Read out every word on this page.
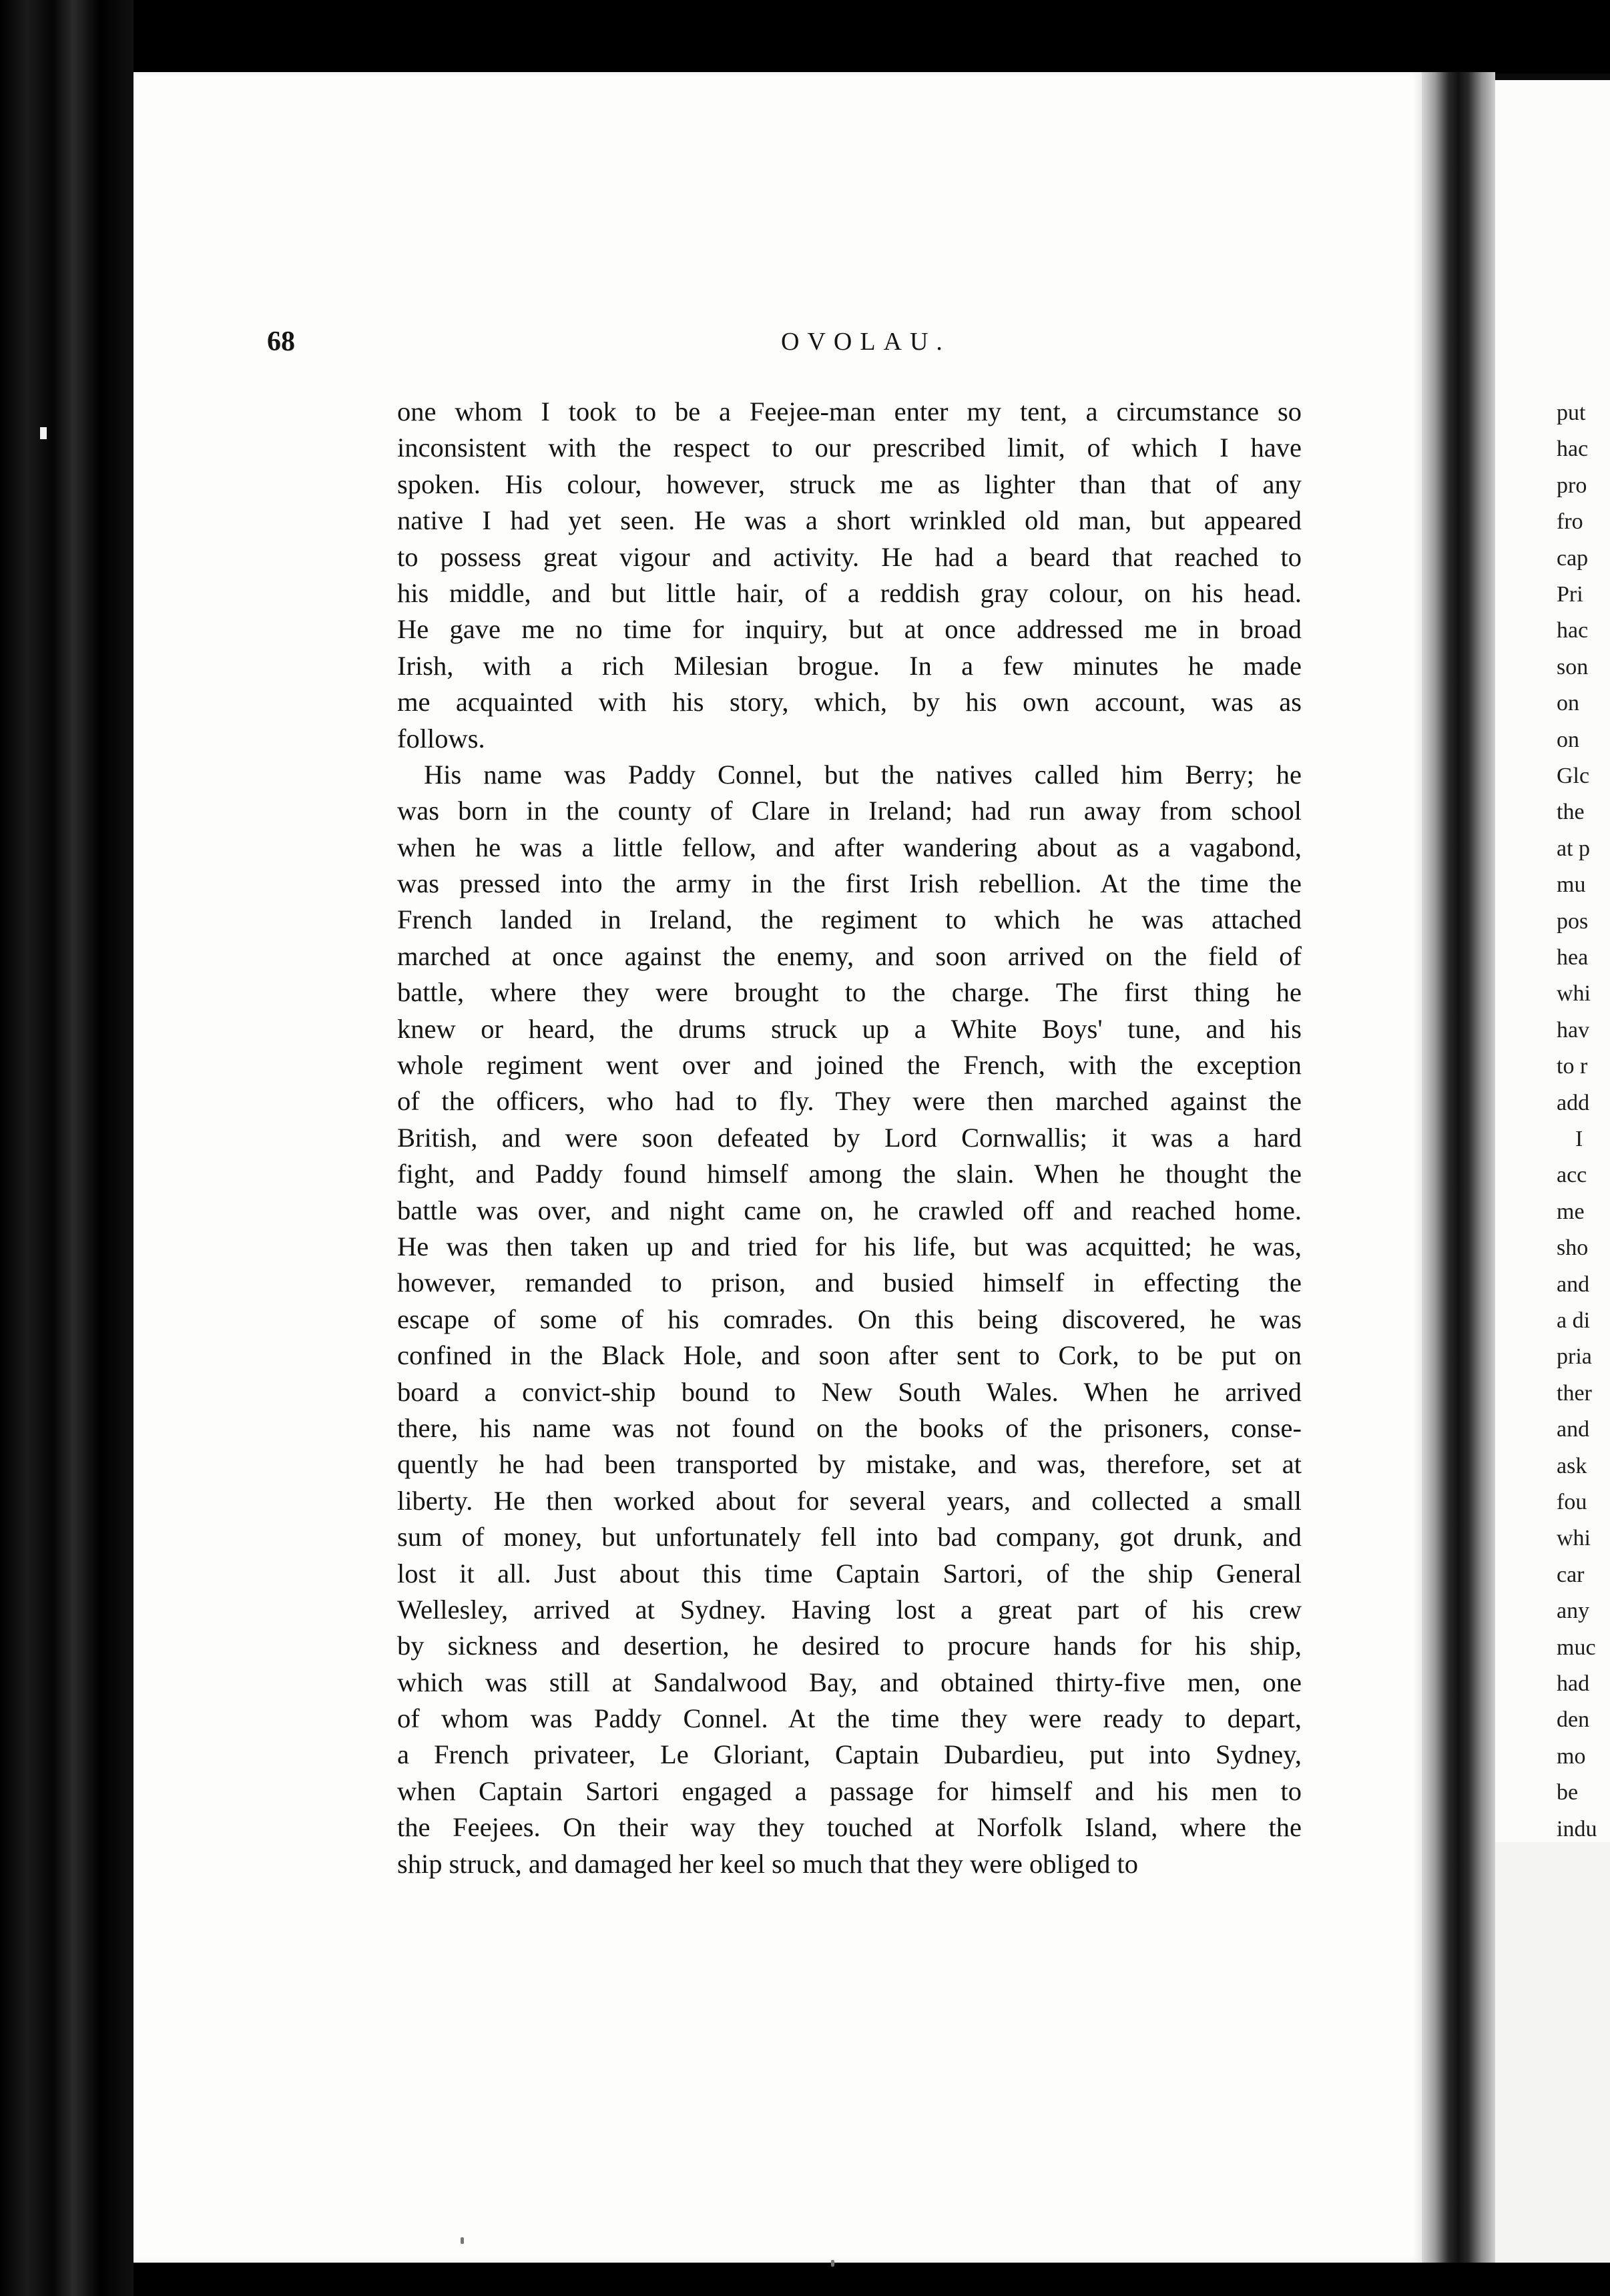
put
hac
pro
fro
cap
Pri
hac
son
on
on
Glc
the
at p
mu
pos
hea
whi
hav
to r
add
I
acc
me
sho
and
a di
pria
ther
and
ask
fou
whi
car
any
muc
had
den
mo
be
indu
68	OVOLAU.
one whom I took to be a Feejee-man enter my tent, a circumstance so
inconsistent with the respect to our prescribed limit, of which I have
spoken. His colour, however, struck me as lighter than that of any
native I had yet seen. He was a short wrinkled old man, but appeared
to possess great vigour and activity. He had a beard that reached to
his middle, and but little hair, of a reddish gray colour, on his head.
He gave me no time for inquiry, but at once addressed me in broad
Irish, with a rich Milesian brogue. In a few minutes he made
me acquainted with his story, which, by his own account, was as
follows.
His name was Paddy Connel, but the natives called him Berry; he
was born in the county of Clare in Ireland; had run away from school
when he was a little fellow, and after wandering about as a vagabond,
was pressed into the army in the first Irish rebellion. At the time the
French landed in Ireland, the regiment to which he was attached
marched at once against the enemy, and soon arrived on the field of
battle, where they were brought to the charge. The first thing he
knew or heard, the drums struck up a White Boys' tune, and his
whole regiment went over and joined the French, with the exception
of the officers, who had to fly. They were then marched against the
British, and were soon defeated by Lord Cornwallis; it was a hard
fight, and Paddy found himself among the slain. When he thought the
battle was over, and night came on, he crawled off and reached home.
He was then taken up and tried for his life, but was acquitted; he was,
however, remanded to prison, and busied himself in effecting the
escape of some of his comrades. On this being discovered, he was
confined in the Black Hole, and soon after sent to Cork, to be put on
board a convict-ship bound to New South Wales. When he arrived
there, his name was not found on the books of the prisoners, conse-
quently he had been transported by mistake, and was, therefore, set at
liberty. He then worked about for several years, and collected a small
sum of money, but unfortunately fell into bad company, got drunk, and
lost it all. Just about this time Captain Sartori, of the ship General
Wellesley, arrived at Sydney. Having lost a great part of his crew
by sickness and desertion, he desired to procure hands for his ship,
which was still at Sandalwood Bay, and obtained thirty-five men, one
of whom was Paddy Connel. At the time they were ready to depart,
a French privateer, Le Gloriant, Captain Dubardieu, put into Sydney,
when Captain Sartori engaged a passage for himself and his men to
the Feejees. On their way they touched at Norfolk Island, where the
ship struck, and damaged her keel so much that they were obliged to
